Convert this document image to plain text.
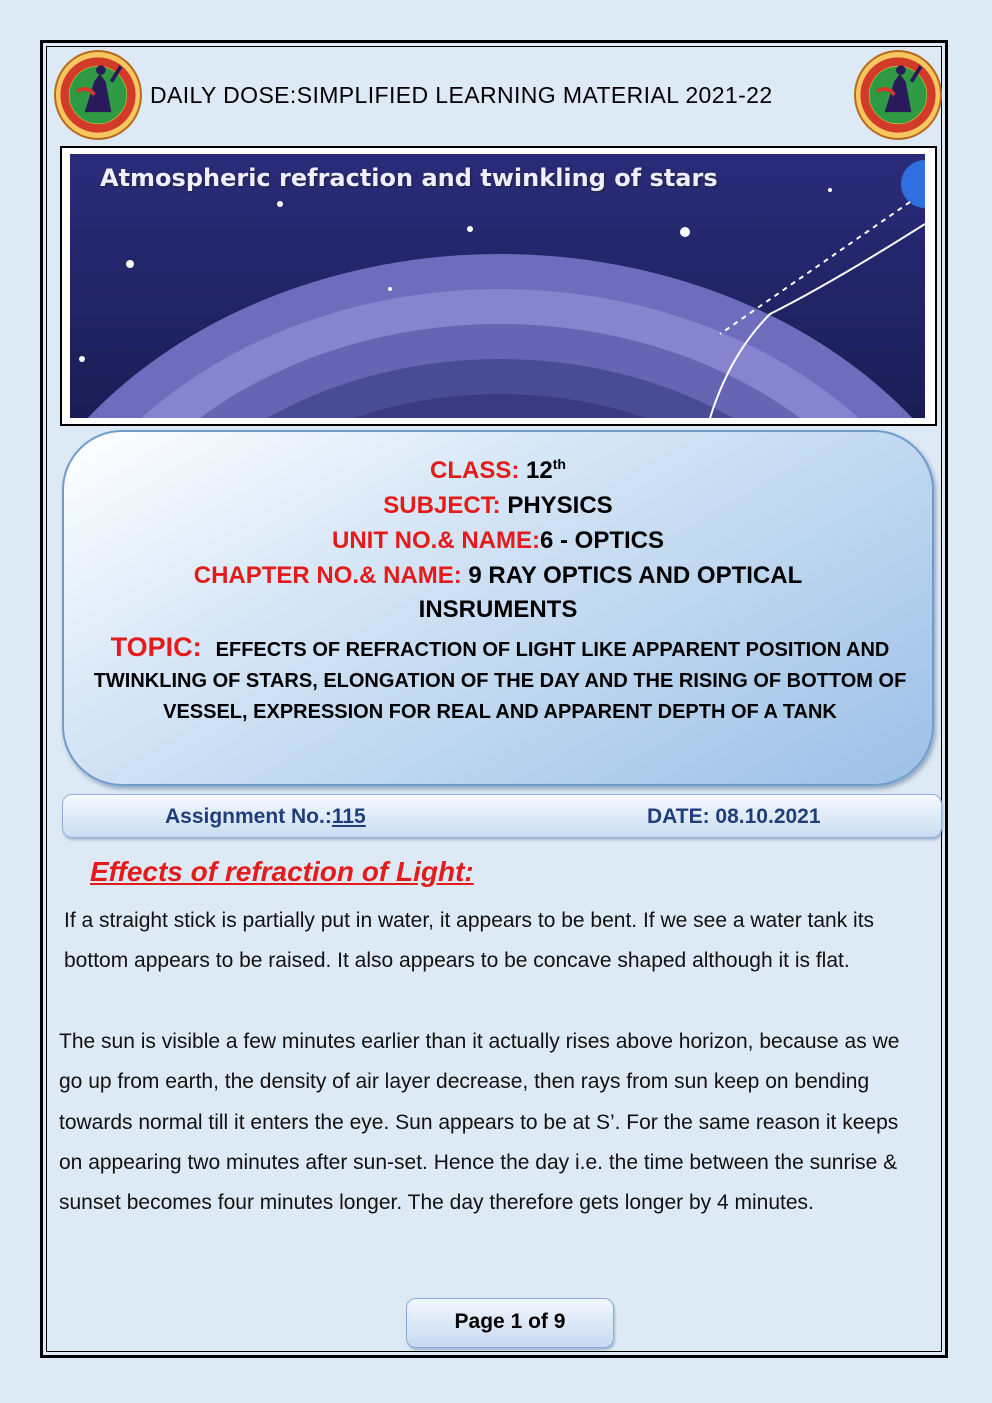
DAILY DOSE:SIMPLIFIED LEARNING MATERIAL 2021-22
Atmospheric refraction and twinkling of stars
CLASS: 12th
SUBJECT: PHYSICS
UNIT NO.& NAME:6 - OPTICS
CHAPTER NO.& NAME: 9 RAY OPTICS AND OPTICAL
INSRUMENTS
TOPIC: EFFECTS OF REFRACTION OF LIGHT LIKE APPARENT POSITION AND TWINKLING OF STARS, ELONGATION OF THE DAY AND THE RISING OF BOTTOM OF VESSEL, EXPRESSION FOR REAL AND APPARENT DEPTH OF A TANK
Assignment No.:115	DATE: 08.10.2021
Effects of refraction of Light:
If a straight stick is partially put in water, it appears to be bent. If we see a water tank its bottom appears to be raised. It also appears to be concave shaped although it is flat.
The sun is visible a few minutes earlier than it actually rises above horizon, because as we go up from earth, the density of air layer decrease, then rays from sun keep on bending towards normal till it enters the eye. Sun appears to be at S’. For the same reason it keeps on appearing two minutes after sun-set. Hence the day i.e. the time between the sunrise & sunset becomes four minutes longer. The day therefore gets longer by 4 minutes.
Page 1 of 9
